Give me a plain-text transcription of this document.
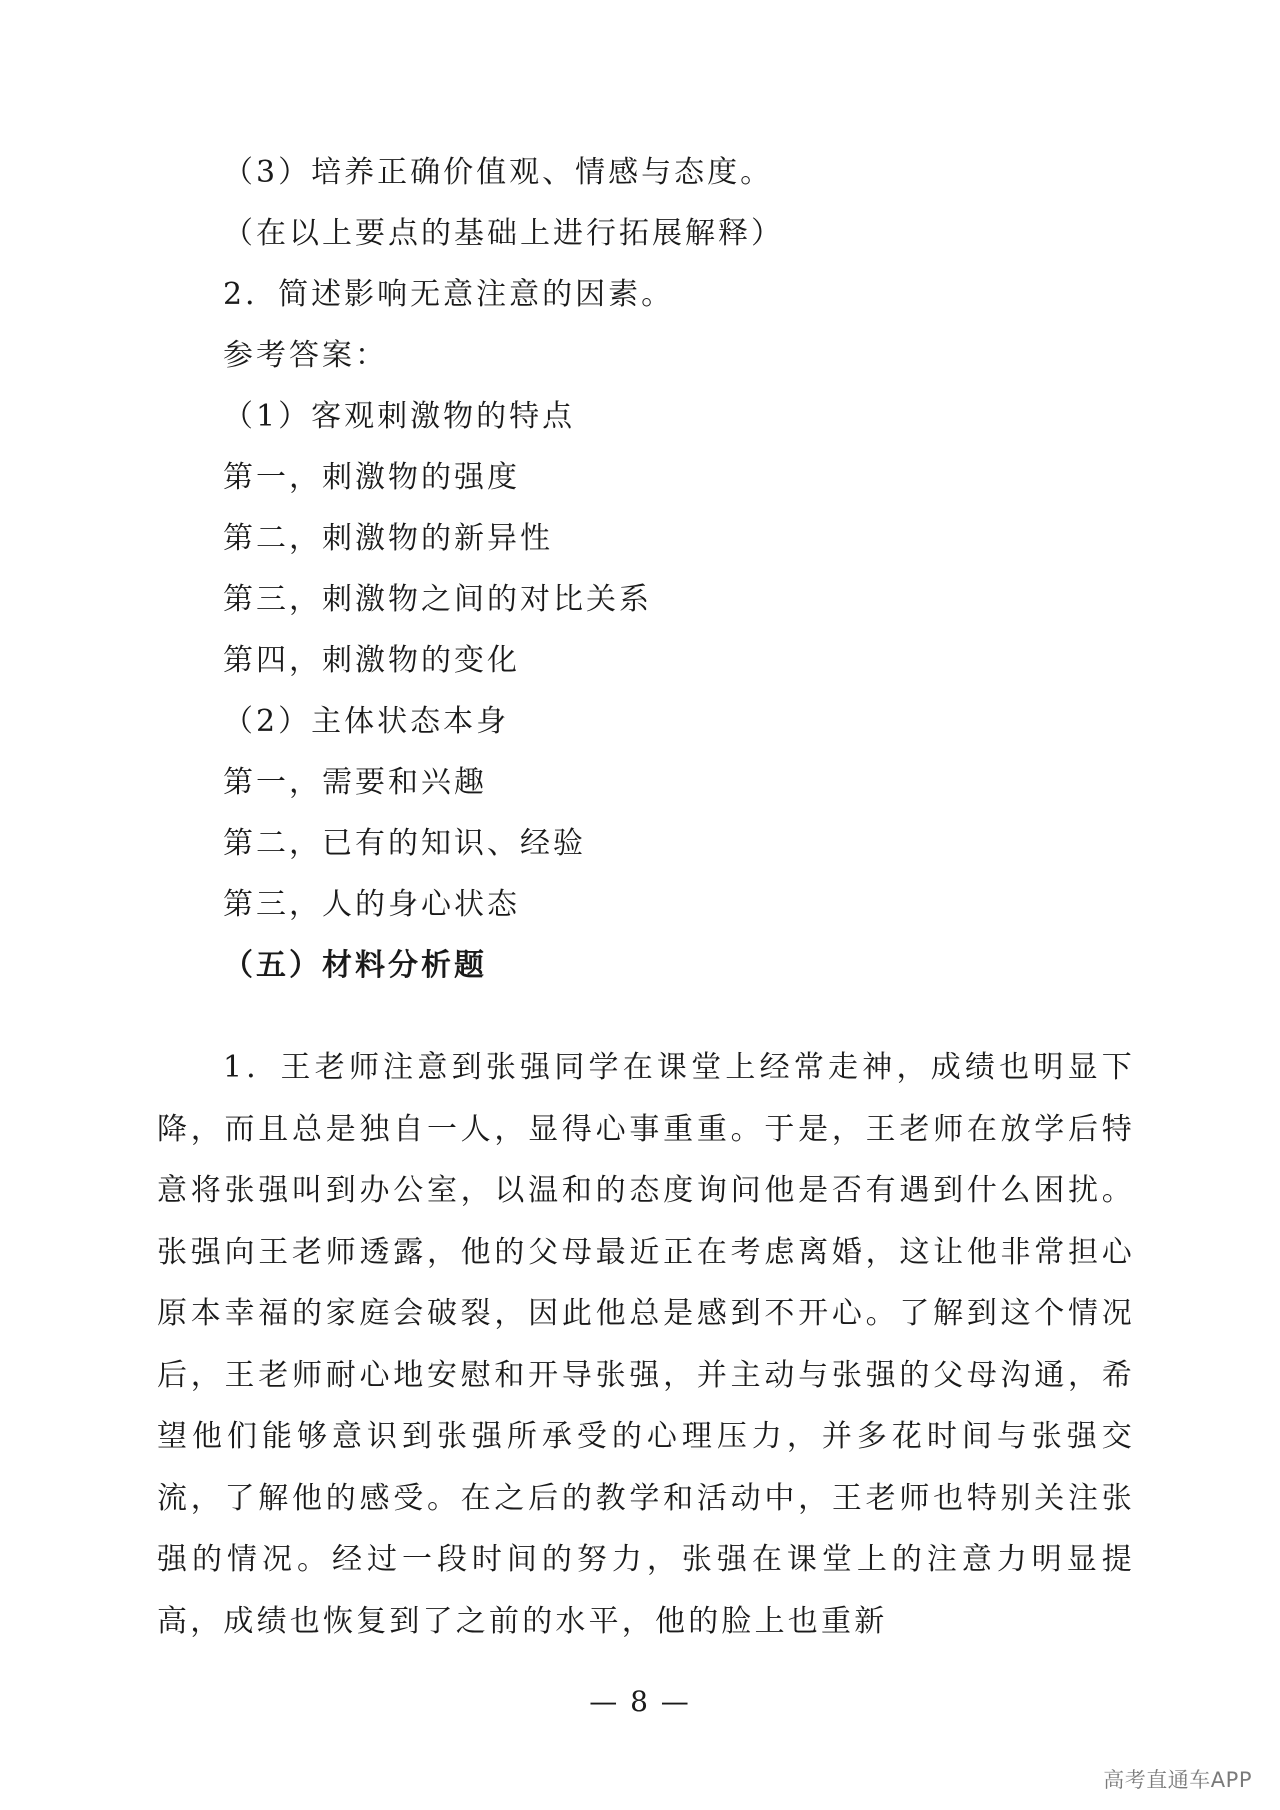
（3）培养正确价值观、情感与态度。
（在以上要点的基础上进行拓展解释）
2．简述影响无意注意的因素。
参考答案：
（1）客观刺激物的特点
第一，刺激物的强度
第二，刺激物的新异性
第三，刺激物之间的对比关系
第四，刺激物的变化
（2）主体状态本身
第一，需要和兴趣
第二，已有的知识、经验
第三，人的身心状态
（五）材料分析题
1．王老师注意到张强同学在课堂上经常走神，成绩也明显下降，而且总是独自一人，显得心事重重。于是，王老师在放学后特意将张强叫到办公室，以温和的态度询问他是否有遇到什么困扰。张强向王老师透露，他的父母最近正在考虑离婚，这让他非常担心原本幸福的家庭会破裂，因此他总是感到不开心。了解到这个情况后，王老师耐心地安慰和开导张强，并主动与张强的父母沟通，希望他们能够意识到张强所承受的心理压力，并多花时间与张强交流，了解他的感受。在之后的教学和活动中，王老师也特别关注张强的情况。经过一段时间的努力，张强在课堂上的注意力明显提高，成绩也恢复到了之前的水平，他的脸上也重新
— 8 —
高考直通车APP
